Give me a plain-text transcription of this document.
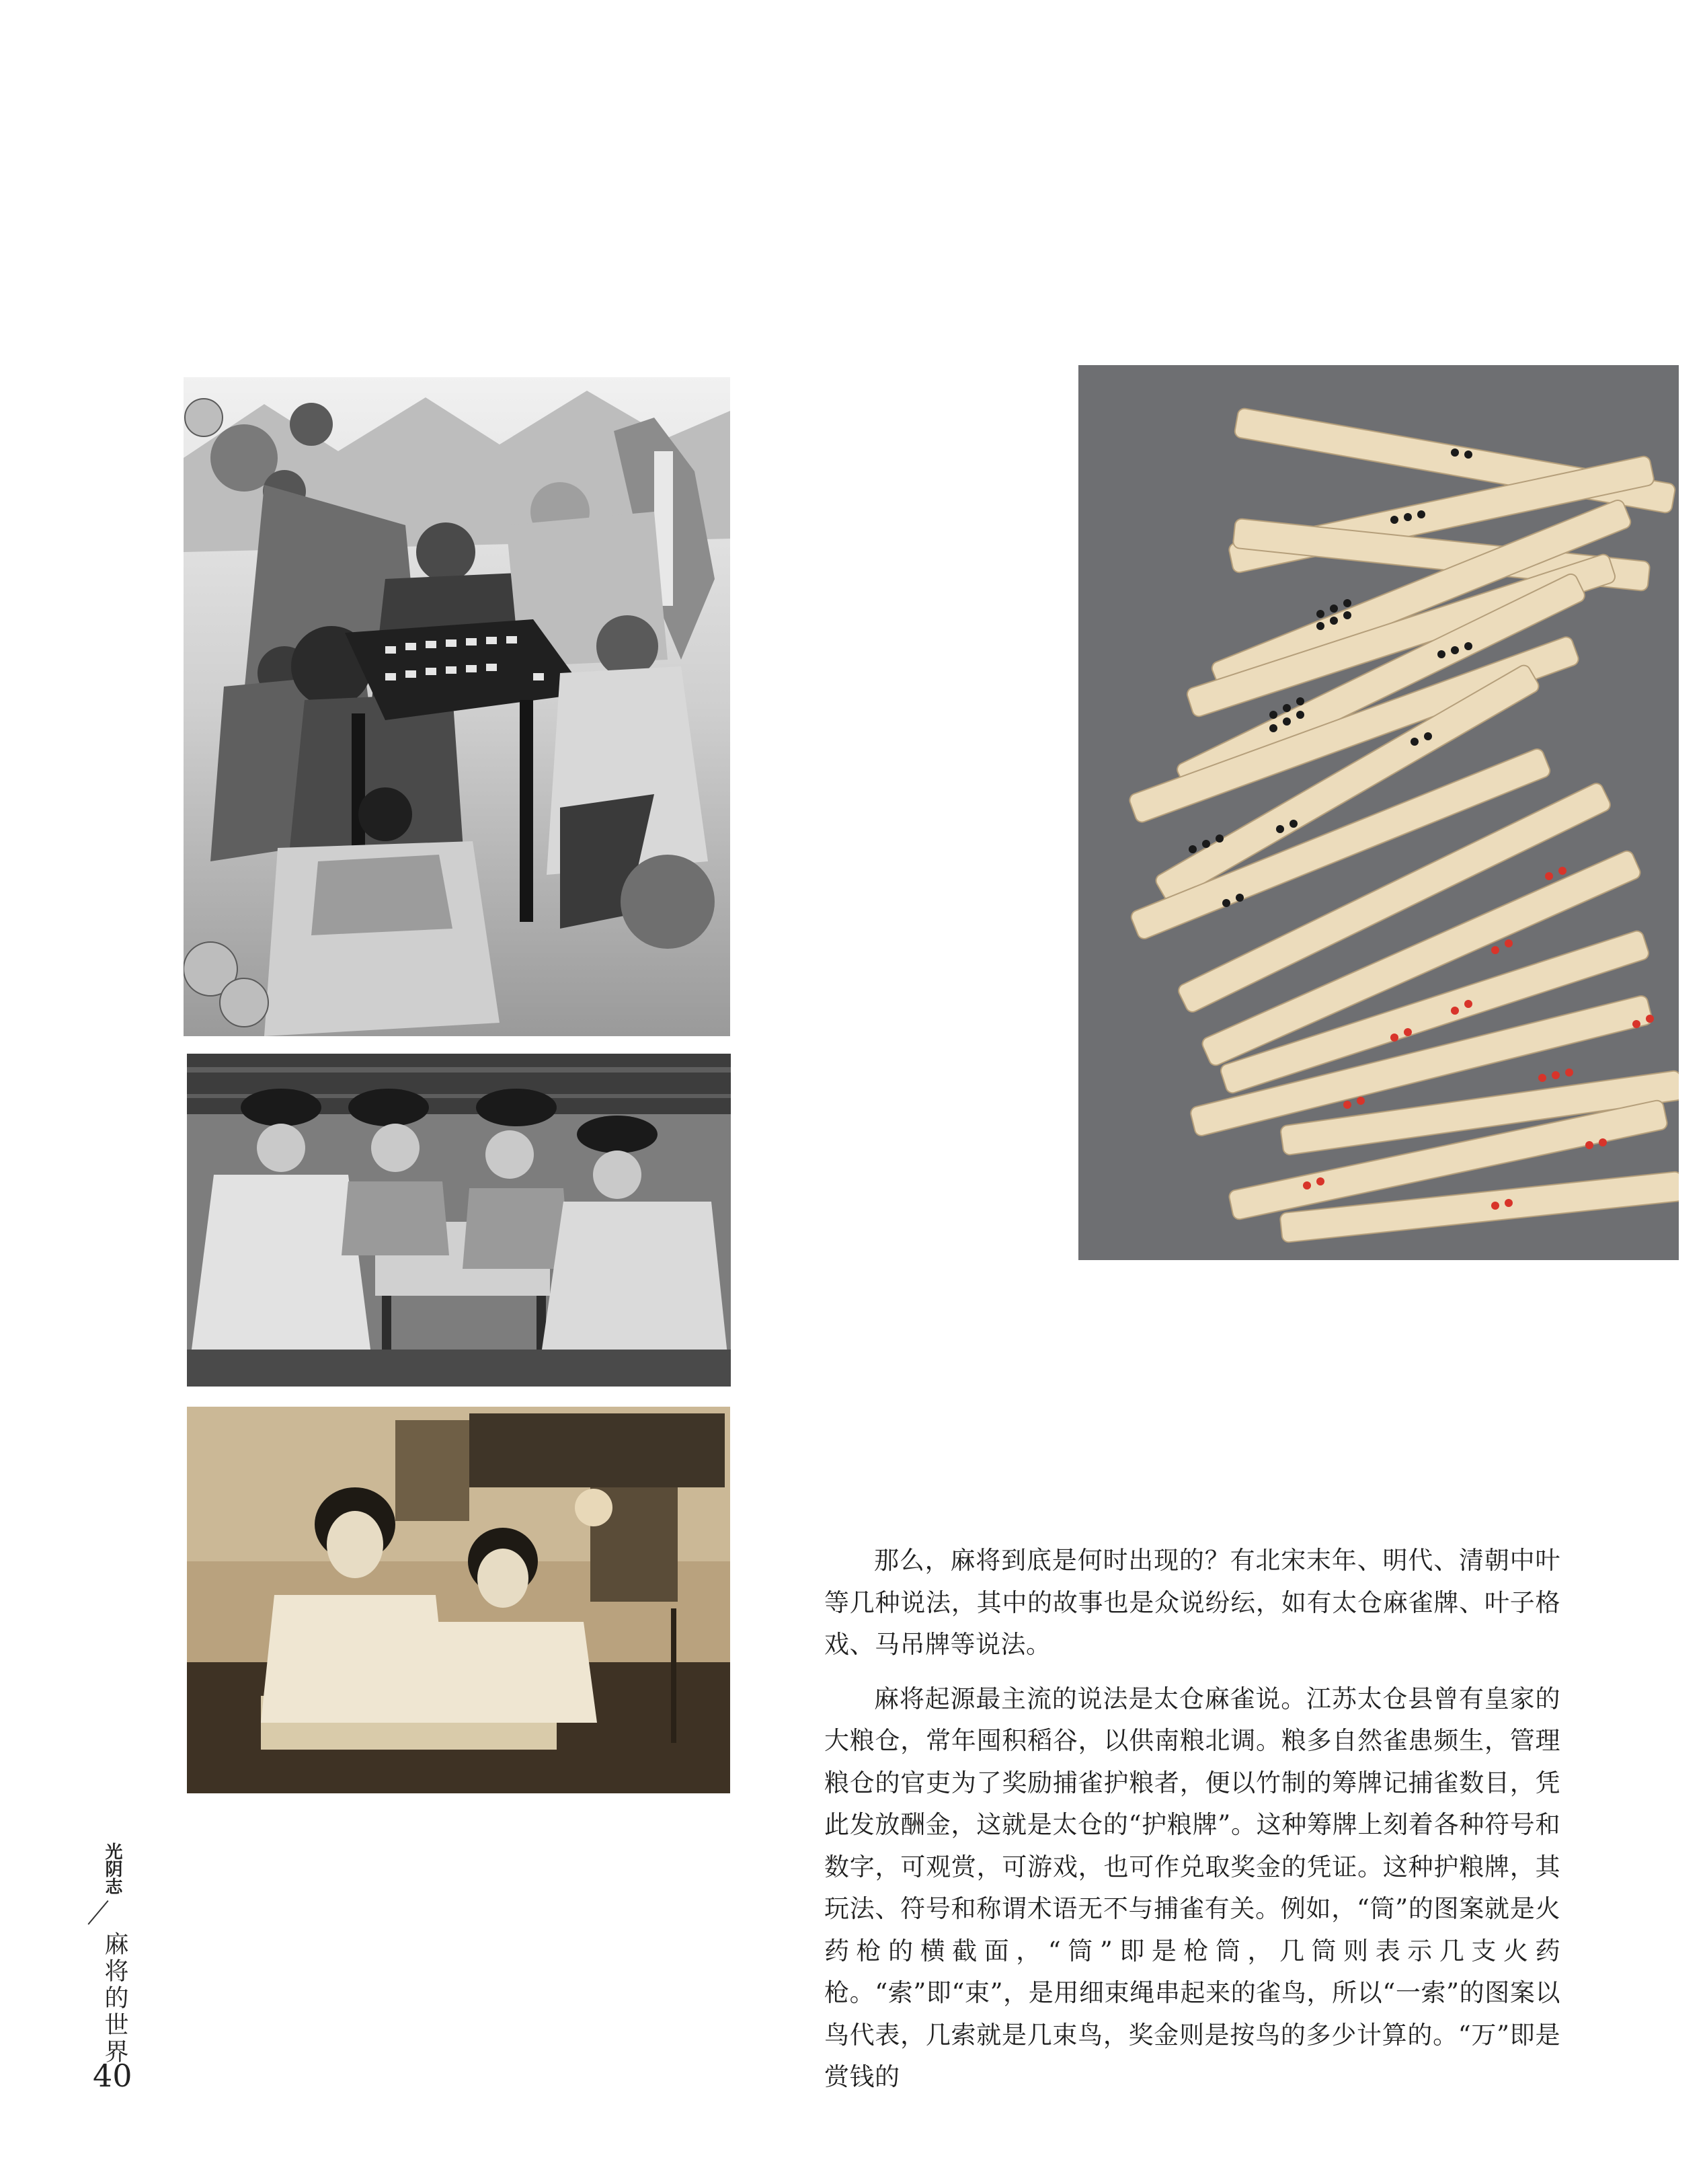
那么，麻将到底是何时出现的？有北宋末年、明代、清朝中叶等几种说法，其中的故事也是众说纷纭，如有太仓麻雀牌、叶子格戏、马吊牌等说法。

麻将起源最主流的说法是太仓麻雀说。江苏太仓县曾有皇家的大粮仓，常年囤积稻谷，以供南粮北调。粮多自然雀患频生，管理粮仓的官吏为了奖励捕雀护粮者，便以竹制的筹牌记捕雀数目，凭此发放酬金，这就是太仓的“护粮牌”。这种筹牌上刻着各种符号和数字，可观赏，可游戏，也可作兑取奖金的凭证。这种护粮牌，其玩法、符号和称谓术语无不与捕雀有关。例如，“筒”的图案就是火药枪的横截面，“筒”即是枪筒，几筒则表示几支火药枪。“索”即“束”，是用细束绳串起来的雀鸟，所以“一索”的图案以鸟代表，几索就是几束鸟，奖金则是按鸟的多少计算的。“万”即是赏钱的

光阴志
麻将的世界
40
